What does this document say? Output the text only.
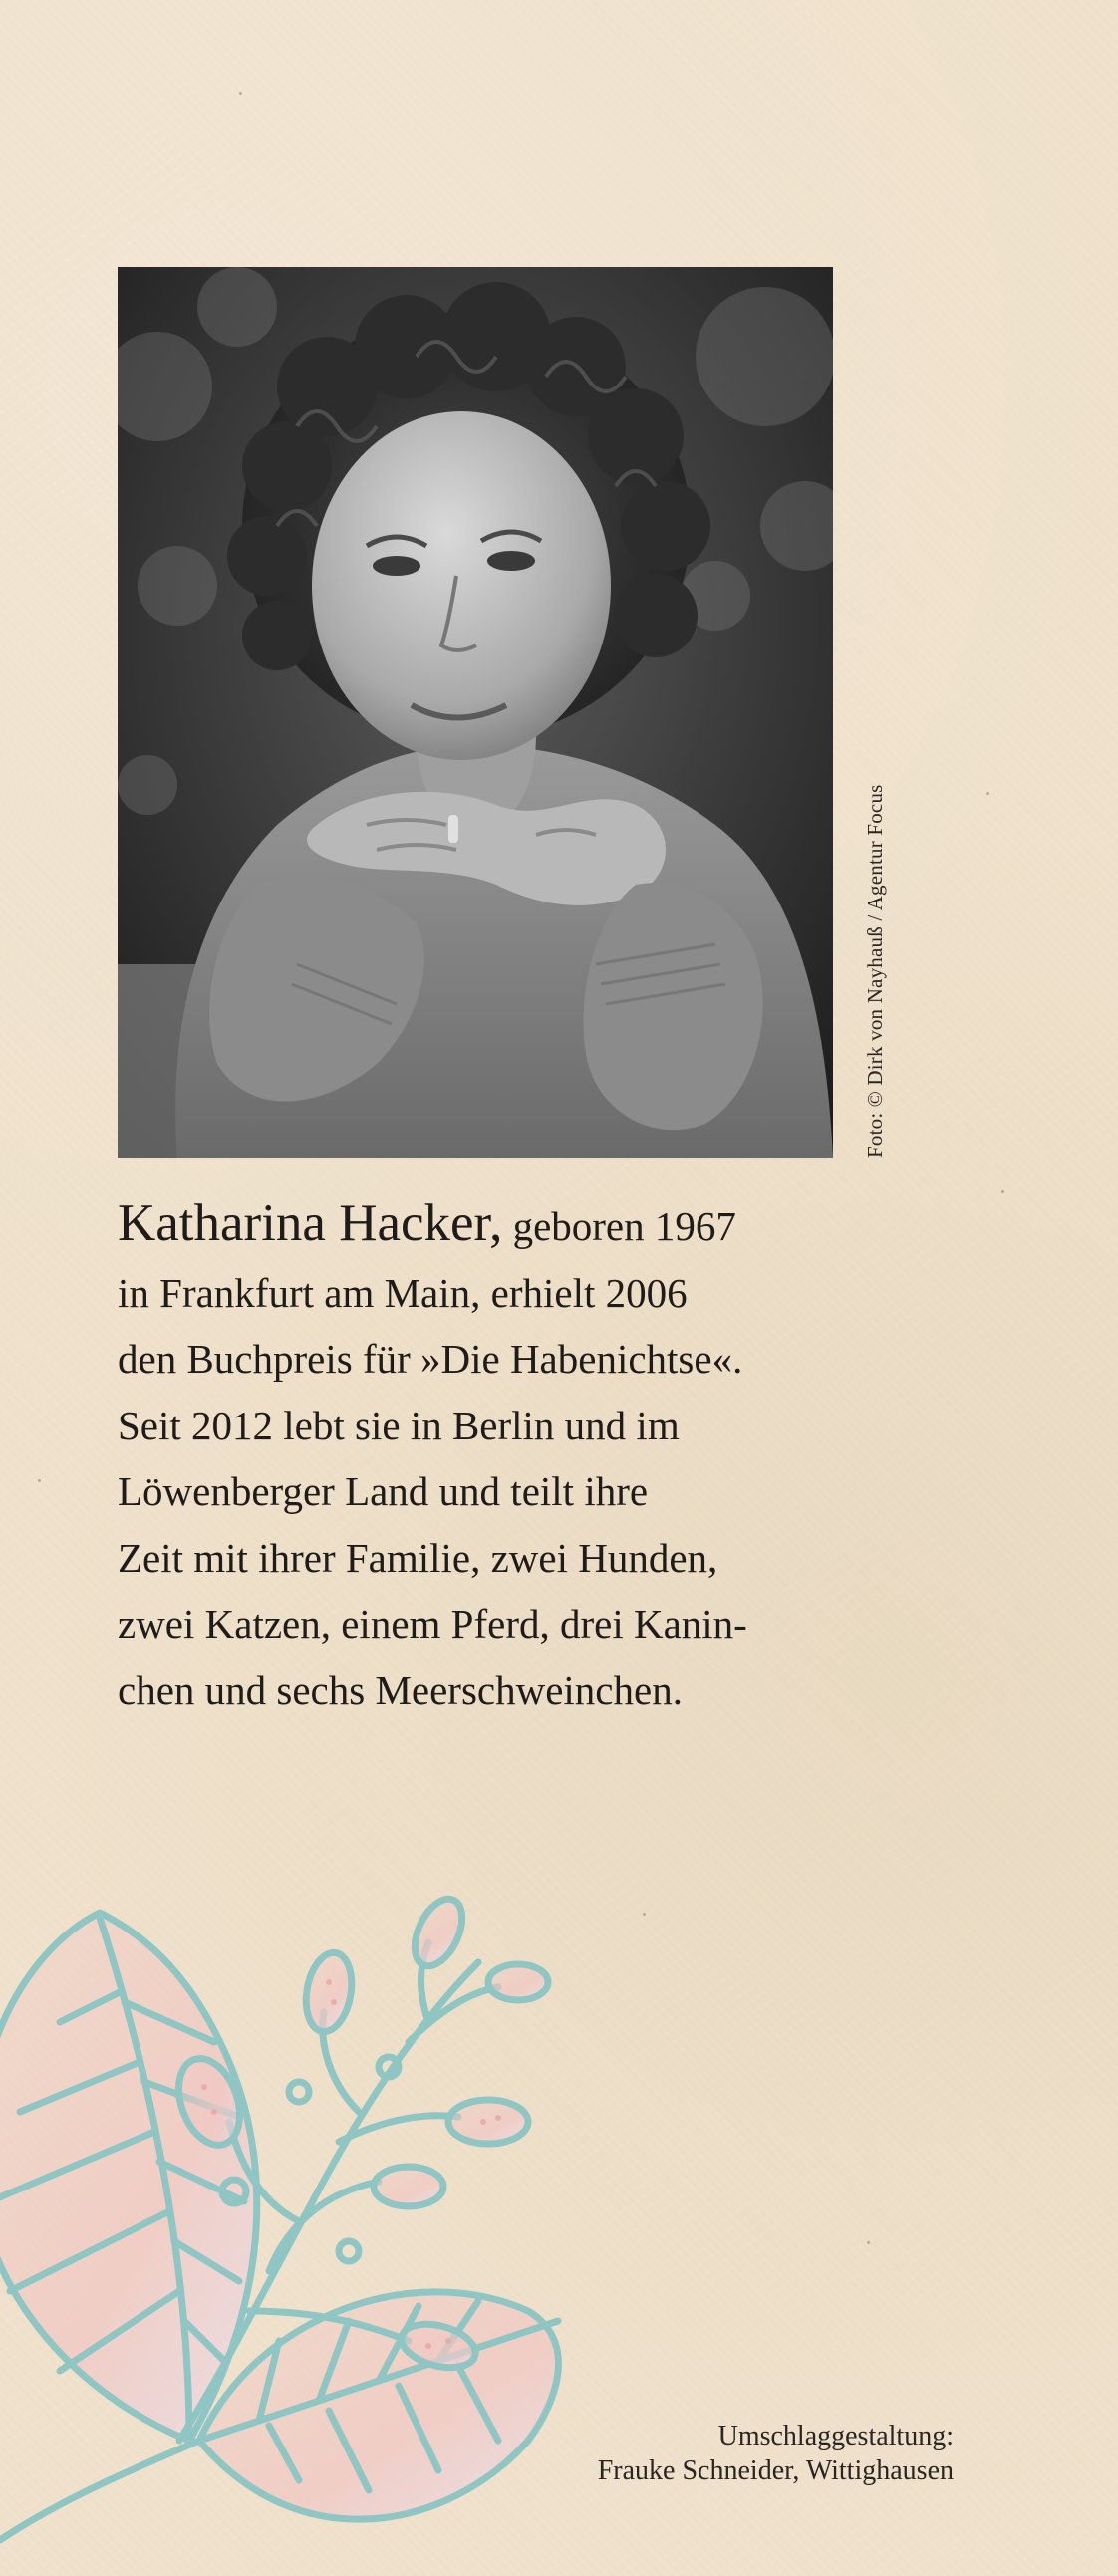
Foto: © Dirk von Nayhauß / Agentur Focus
Katharina Hacker, geboren 1967
in Frankfurt am Main, erhielt 2006
den Buchpreis für »Die Habenichtse«.
Seit 2012 lebt sie in Berlin und im
Löwenberger Land und teilt ihre
Zeit mit ihrer Familie, zwei Hunden,
zwei Katzen, einem Pferd, drei Kanin-
chen und sechs Meerschweinchen.
Umschlaggestaltung:
Frauke Schneider, Wittighausen
